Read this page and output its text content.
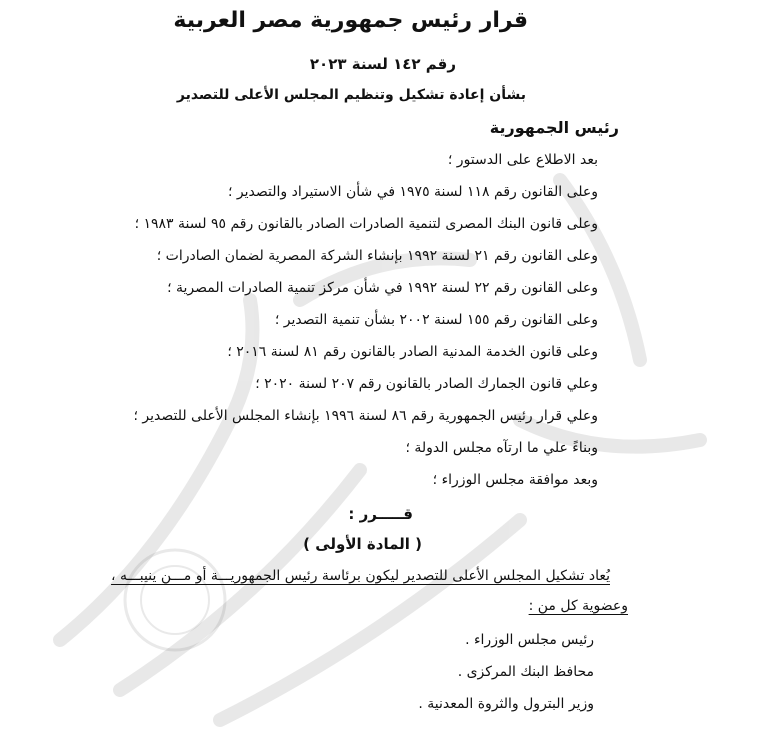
قرار رئيس جمهورية مصر العربية
رقم ١٤٢ لسنة ٢٠٢٣
بشأن إعادة تشكيل وتنظيم المجلس الأعلى للتصدير
رئيس الجمهورية
بعد الاطلاع على الدستور ؛
وعلى القانون رقم ١١٨ لسنة ١٩٧٥ في شأن الاستيراد والتصدير ؛
وعلى قانون البنك المصرى لتنمية الصادرات الصادر بالقانون رقم ٩٥ لسنة ١٩٨٣ ؛
وعلى القانون رقم ٢١ لسنة ١٩٩٢ بإنشاء الشركة المصرية لضمان الصادرات ؛
وعلى القانون رقم ٢٢ لسنة ١٩٩٢ في شأن مركز تنمية الصادرات المصرية ؛
وعلى القانون رقم ١٥٥ لسنة ٢٠٠٢ بشأن تنمية التصدير ؛
وعلى قانون الخدمة المدنية الصادر بالقانون رقم ٨١ لسنة ٢٠١٦ ؛
وعلي قانون الجمارك الصادر بالقانون رقم ٢٠٧ لسنة ٢٠٢٠ ؛
وعلي قرار رئيس الجمهورية رقم ٨٦ لسنة ١٩٩٦ بإنشاء المجلس الأعلى للتصدير ؛
وبناءً علي ما ارتآه مجلس الدولة ؛
وبعد موافقة مجلس الوزراء ؛
قـــــرر :
( المادة الأولى )
يُعاد تشكيل المجلس الأعلى للتصدير ليكون برئاسة رئيس الجمهوريـــة أو مـــن ينيبـــه ،
وعضوية كل من :
رئيس مجلس الوزراء .
محافظ البنك المركزى .
وزير البترول والثروة المعدنية .
